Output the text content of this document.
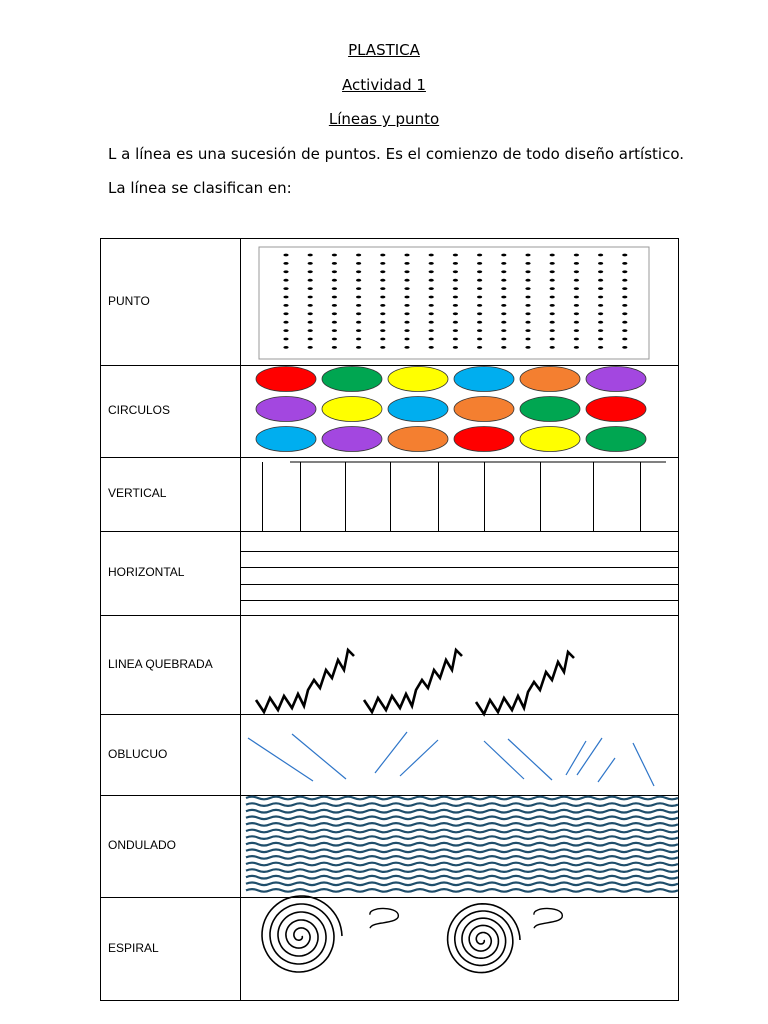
PLASTICA
Actividad 1
Líneas y punto
L a línea es una sucesión de puntos. Es el comienzo de todo diseño artístico.
La línea se clasifican en:
PUNTO
CIRCULOS
VERTICAL
HORIZONTAL
LINEA QUEBRADA
OBLUCUO
ONDULADO
ESPIRAL
